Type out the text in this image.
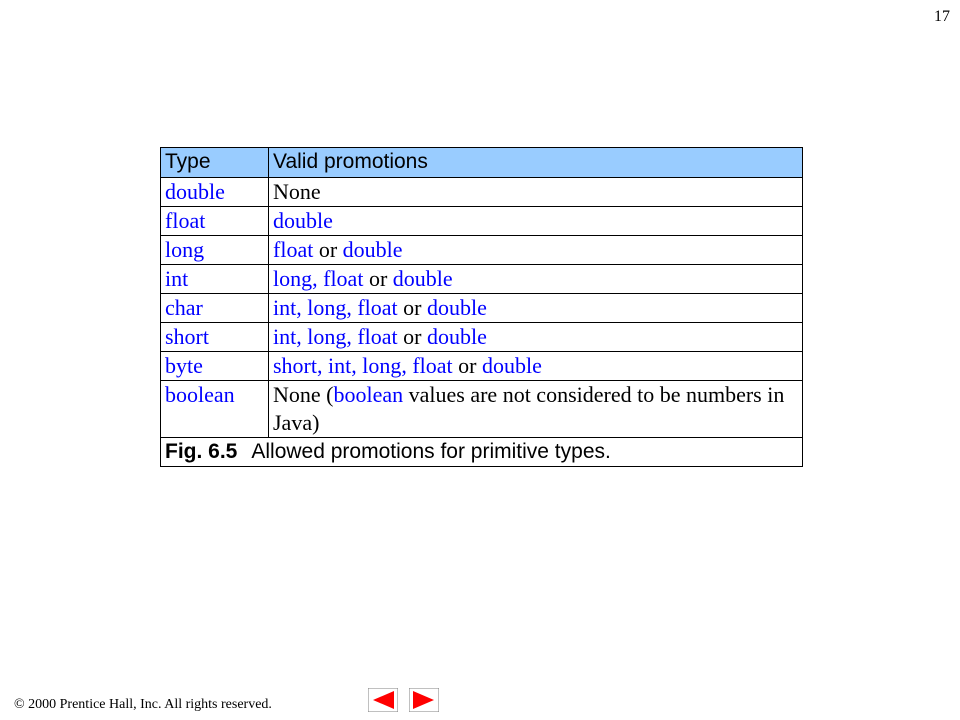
17
Type	Valid promotions
double	None
float	double
long	float or double
int	long, float or double
char	int, long, float or double
short	int, long, float or double
byte	short, int, long, float or double
boolean	None (boolean values are not considered to be numbers in Java)
Fig. 6.5 Allowed promotions for primitive types.	
© 2000 Prentice Hall, Inc. All rights reserved.
